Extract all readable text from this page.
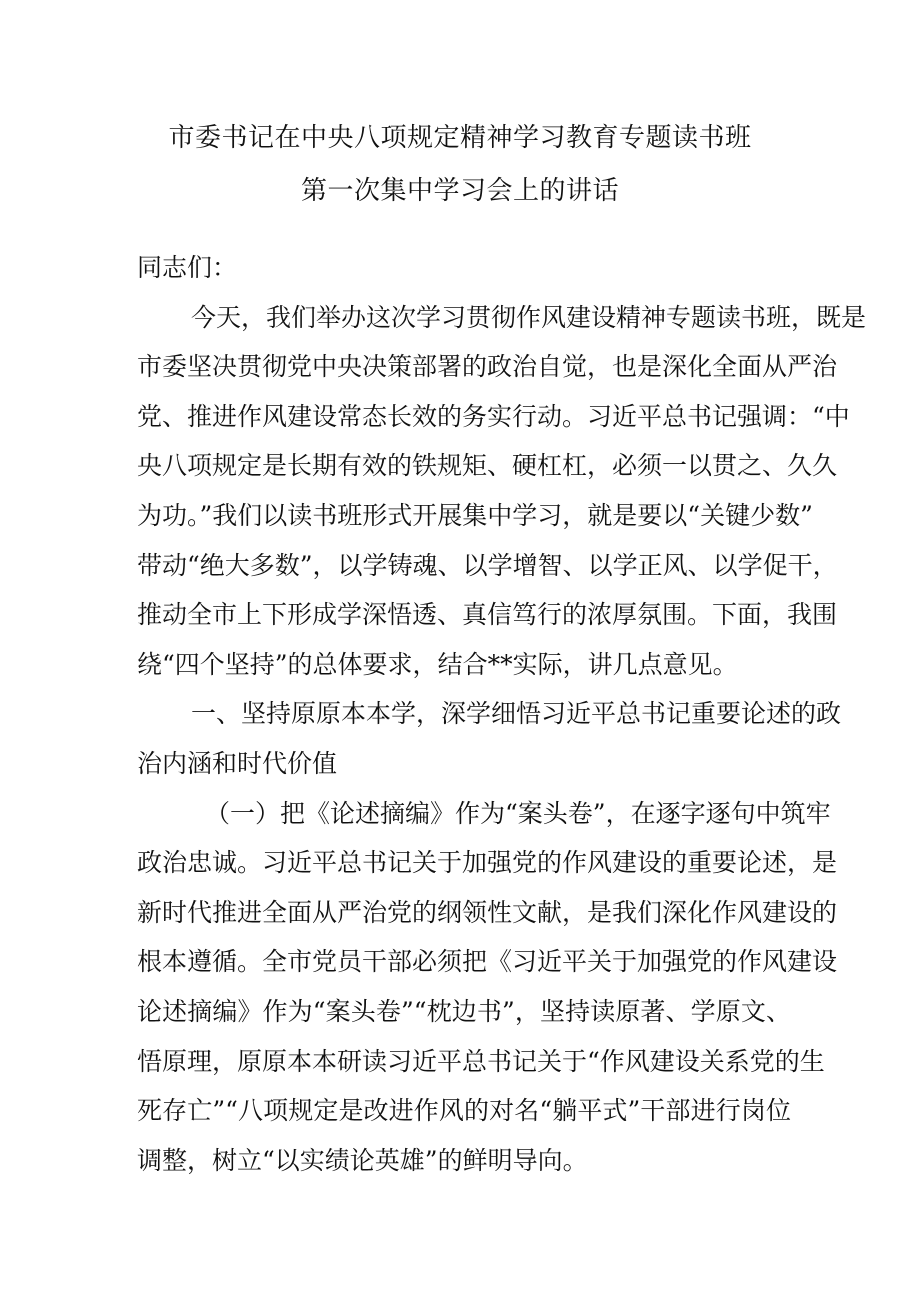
市委书记在中央八项规定精神学习教育专题读书班
第一次集中学习会上的讲话
同志们：
今天，我们举办这次学习贯彻作风建设精神专题读书班，既是
市委坚决贯彻党中央决策部署的政治自觉，也是深化全面从严治
党、推进作风建设常态长效的务实行动。习近平总书记强调：“中
央八项规定是长期有效的铁规矩、硬杠杠，必须一以贯之、久久
为功。”我们以读书班形式开展集中学习，就是要以“关键少数”
带动“绝大多数”，以学铸魂、以学增智、以学正风、以学促干，
推动全市上下形成学深悟透、真信笃行的浓厚氛围。下面，我围
绕“四个坚持”的总体要求，结合**实际，讲几点意见。
一、坚持原原本本学，深学细悟习近平总书记重要论述的政
治内涵和时代价值
（一）把《论述摘编》作为“案头卷”，在逐字逐句中筑牢
政治忠诚。习近平总书记关于加强党的作风建设的重要论述，是
新时代推进全面从严治党的纲领性文献，是我们深化作风建设的
根本遵循。全市党员干部必须把《习近平关于加强党的作风建设
论述摘编》作为“案头卷”“枕边书”，坚持读原著、学原文、
悟原理，原原本本研读习近平总书记关于“作风建设关系党的生
死存亡”“八项规定是改进作风的对名“躺平式”干部进行岗位
调整，树立“以实绩论英雄”的鲜明导向。
